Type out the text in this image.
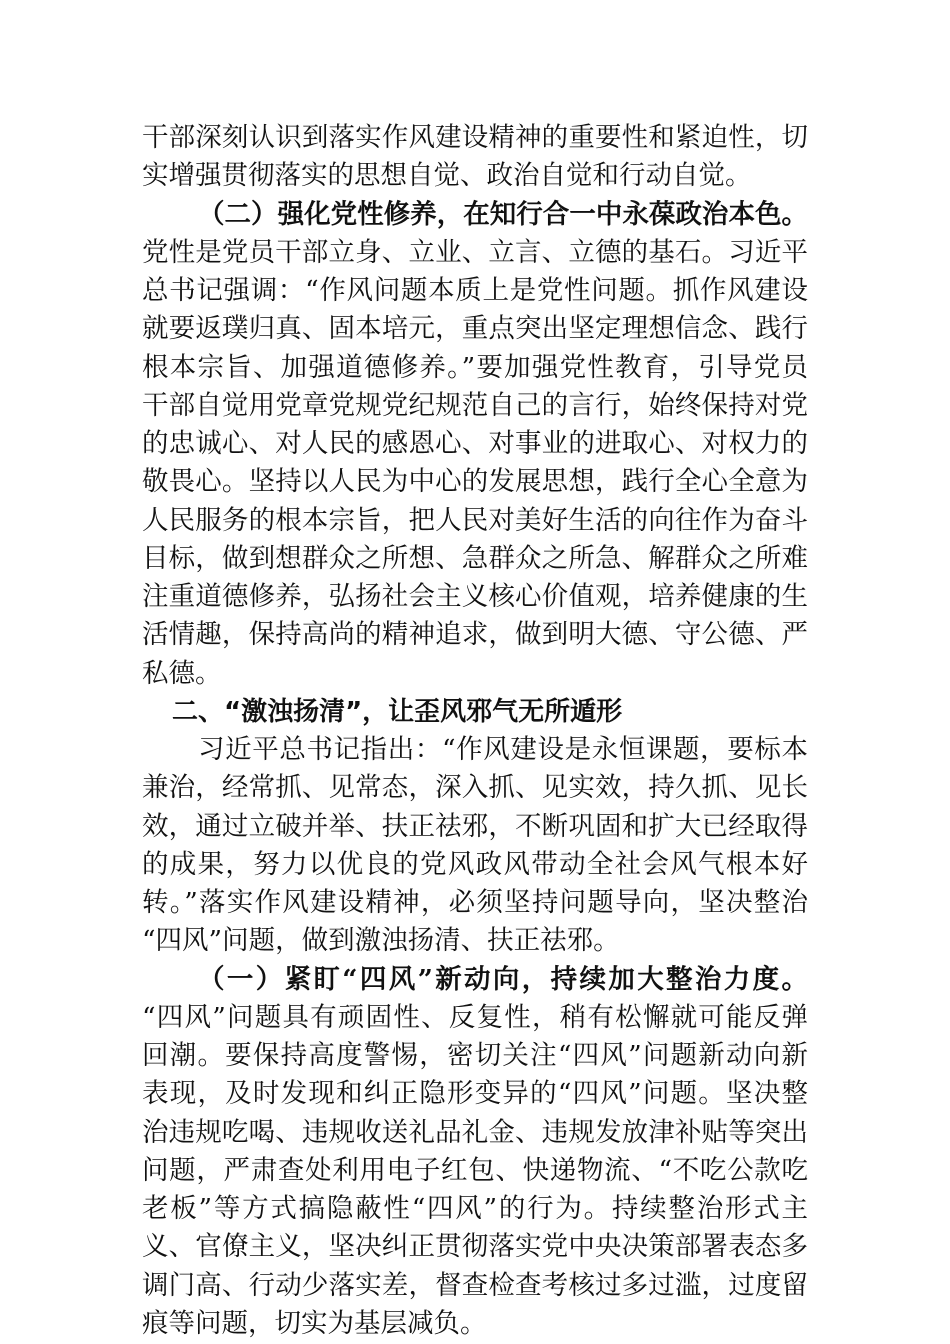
干部深刻认识到落实作风建设精神的重要性和紧迫性，切
实增强贯彻落实的思想自觉、政治自觉和行动自觉。
（二）强化党性修养，在知行合一中永葆政治本色。
党性是党员干部立身、立业、立言、立德的基石。习近平
总书记强调：“作风问题本质上是党性问题。抓作风建设
就要返璞归真、固本培元，重点突出坚定理想信念、践行
根本宗旨、加强道德修养。”要加强党性教育，引导党员
干部自觉用党章党规党纪规范自己的言行，始终保持对党
的忠诚心、对人民的感恩心、对事业的进取心、对权力的
敬畏心。坚持以人民为中心的发展思想，践行全心全意为
人民服务的根本宗旨，把人民对美好生活的向往作为奋斗
目标，做到想群众之所想、急群众之所急、解群众之所难
注重道德修养，弘扬社会主义核心价值观，培养健康的生
活情趣，保持高尚的精神追求，做到明大德、守公德、严
私德。
二、“激浊扬清”，让歪风邪气无所遁形
习近平总书记指出：“作风建设是永恒课题，要标本
兼治，经常抓、见常态，深入抓、见实效，持久抓、见长
效，通过立破并举、扶正祛邪，不断巩固和扩大已经取得
的成果，努力以优良的党风政风带动全社会风气根本好
转。”落实作风建设精神，必须坚持问题导向，坚决整治
“四风”问题，做到激浊扬清、扶正祛邪。
（一）紧盯“四风”新动向，持续加大整治力度。
“四风”问题具有顽固性、反复性，稍有松懈就可能反弹
回潮。要保持高度警惕，密切关注“四风”问题新动向新
表现，及时发现和纠正隐形变异的“四风”问题。坚决整
治违规吃喝、违规收送礼品礼金、违规发放津补贴等突出
问题，严肃查处利用电子红包、快递物流、“不吃公款吃
老板”等方式搞隐蔽性“四风”的行为。持续整治形式主
义、官僚主义，坚决纠正贯彻落实党中央决策部署表态多
调门高、行动少落实差，督查检查考核过多过滥，过度留
痕等问题，切实为基层减负。
